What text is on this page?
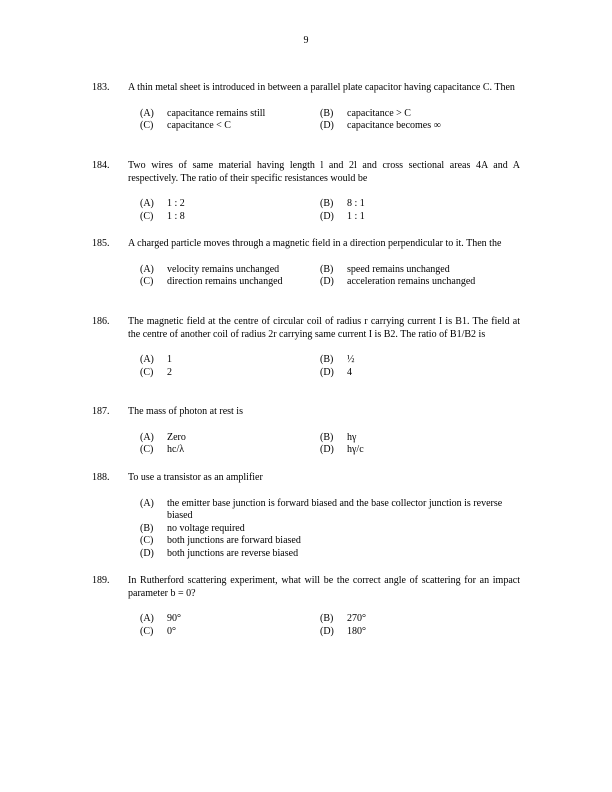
9
183.	A thin metal sheet is introduced in between a parallel plate capacitor having capacitance C. Then
(A)	capacitance remains still	(B)	capacitance > C
(C)	capacitance < C	(D)	capacitance becomes ∞
184.	Two wires of same material having length l and 2l and cross sectional areas 4A and A respectively. The ratio of their specific resistances would be
(A)	1 : 2	(B)	8 : 1
(C)	1 : 8	(D)	1 : 1
185.	A charged particle moves through a magnetic field in a direction perpendicular to it. Then the
(A)	velocity remains unchanged	(B)	speed remains unchanged
(C)	direction remains unchanged	(D)	acceleration remains unchanged
186.	The magnetic field at the centre of circular coil of radius r carrying current I is B1. The field at the centre of another coil of radius 2r carrying same current I is B2. The ratio of B1/B2 is
(A)	1	(B)	½
(C)	2	(D)	4
187.	The mass of photon at rest is
(A)	Zero	(B)	hγ
(C)	hc/λ	(D)	hγ/c
188.	To use a transistor as an amplifier
(A)	the emitter base junction is forward biased and the base collector junction is reverse biased
(B)	no voltage required
(C)	both junctions are forward biased
(D)	both junctions are reverse biased
189.	In Rutherford scattering experiment, what will be the correct angle of scattering for an impact parameter b = 0?
(A)	90°	(B)	270°
(C)	0°	(D)	180°
